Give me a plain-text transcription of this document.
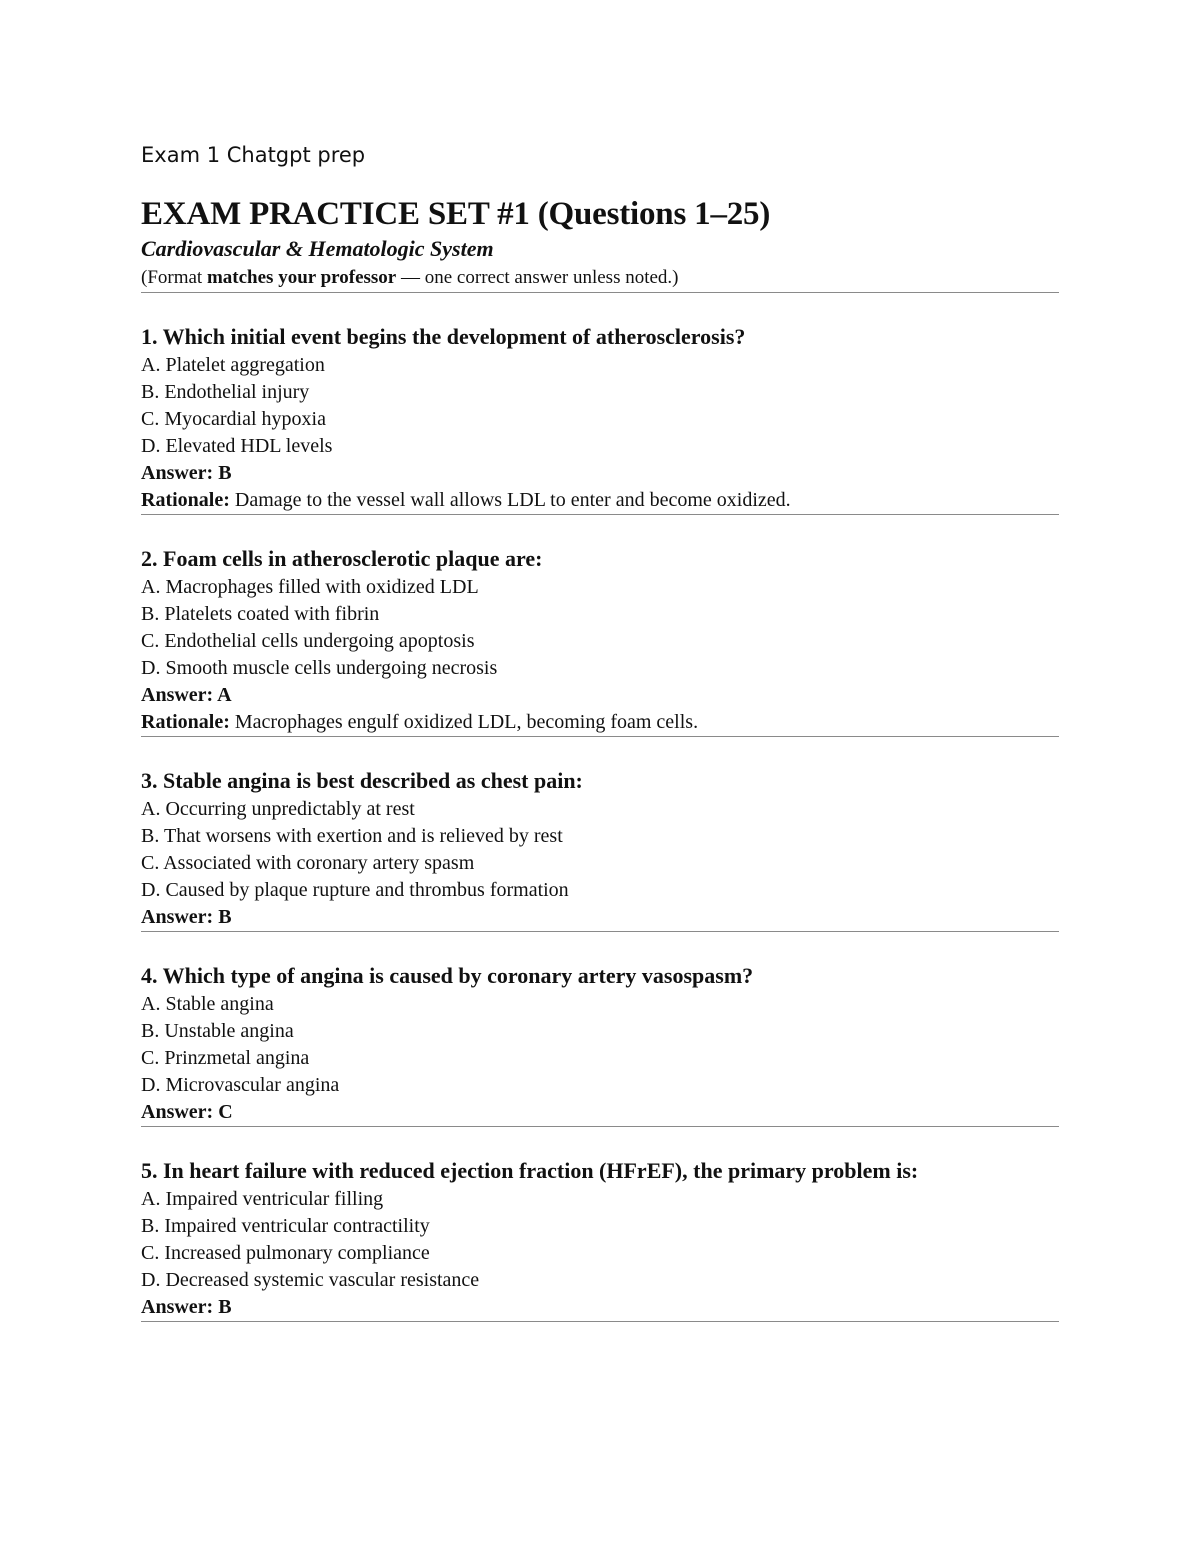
Exam 1 Chatgpt prep

EXAM PRACTICE SET #1 (Questions 1–25)

Cardiovascular & Hematologic System

(Format matches your professor — one correct answer unless noted.)

1. Which initial event begins the development of atherosclerosis?

A. Platelet aggregation

B. Endothelial injury

C. Myocardial hypoxia

D. Elevated HDL levels

Answer: B

Rationale: Damage to the vessel wall allows LDL to enter and become oxidized.

2. Foam cells in atherosclerotic plaque are:

A. Macrophages filled with oxidized LDL

B. Platelets coated with fibrin

C. Endothelial cells undergoing apoptosis

D. Smooth muscle cells undergoing necrosis

Answer: A

Rationale: Macrophages engulf oxidized LDL, becoming foam cells.

3. Stable angina is best described as chest pain:

A. Occurring unpredictably at rest

B. That worsens with exertion and is relieved by rest

C. Associated with coronary artery spasm

D. Caused by plaque rupture and thrombus formation

Answer: B

4. Which type of angina is caused by coronary artery vasospasm?

A. Stable angina

B. Unstable angina

C. Prinzmetal angina

D. Microvascular angina

Answer: C

5. In heart failure with reduced ejection fraction (HFrEF), the primary problem is:

A. Impaired ventricular filling

B. Impaired ventricular contractility

C. Increased pulmonary compliance

D. Decreased systemic vascular resistance

Answer: B
